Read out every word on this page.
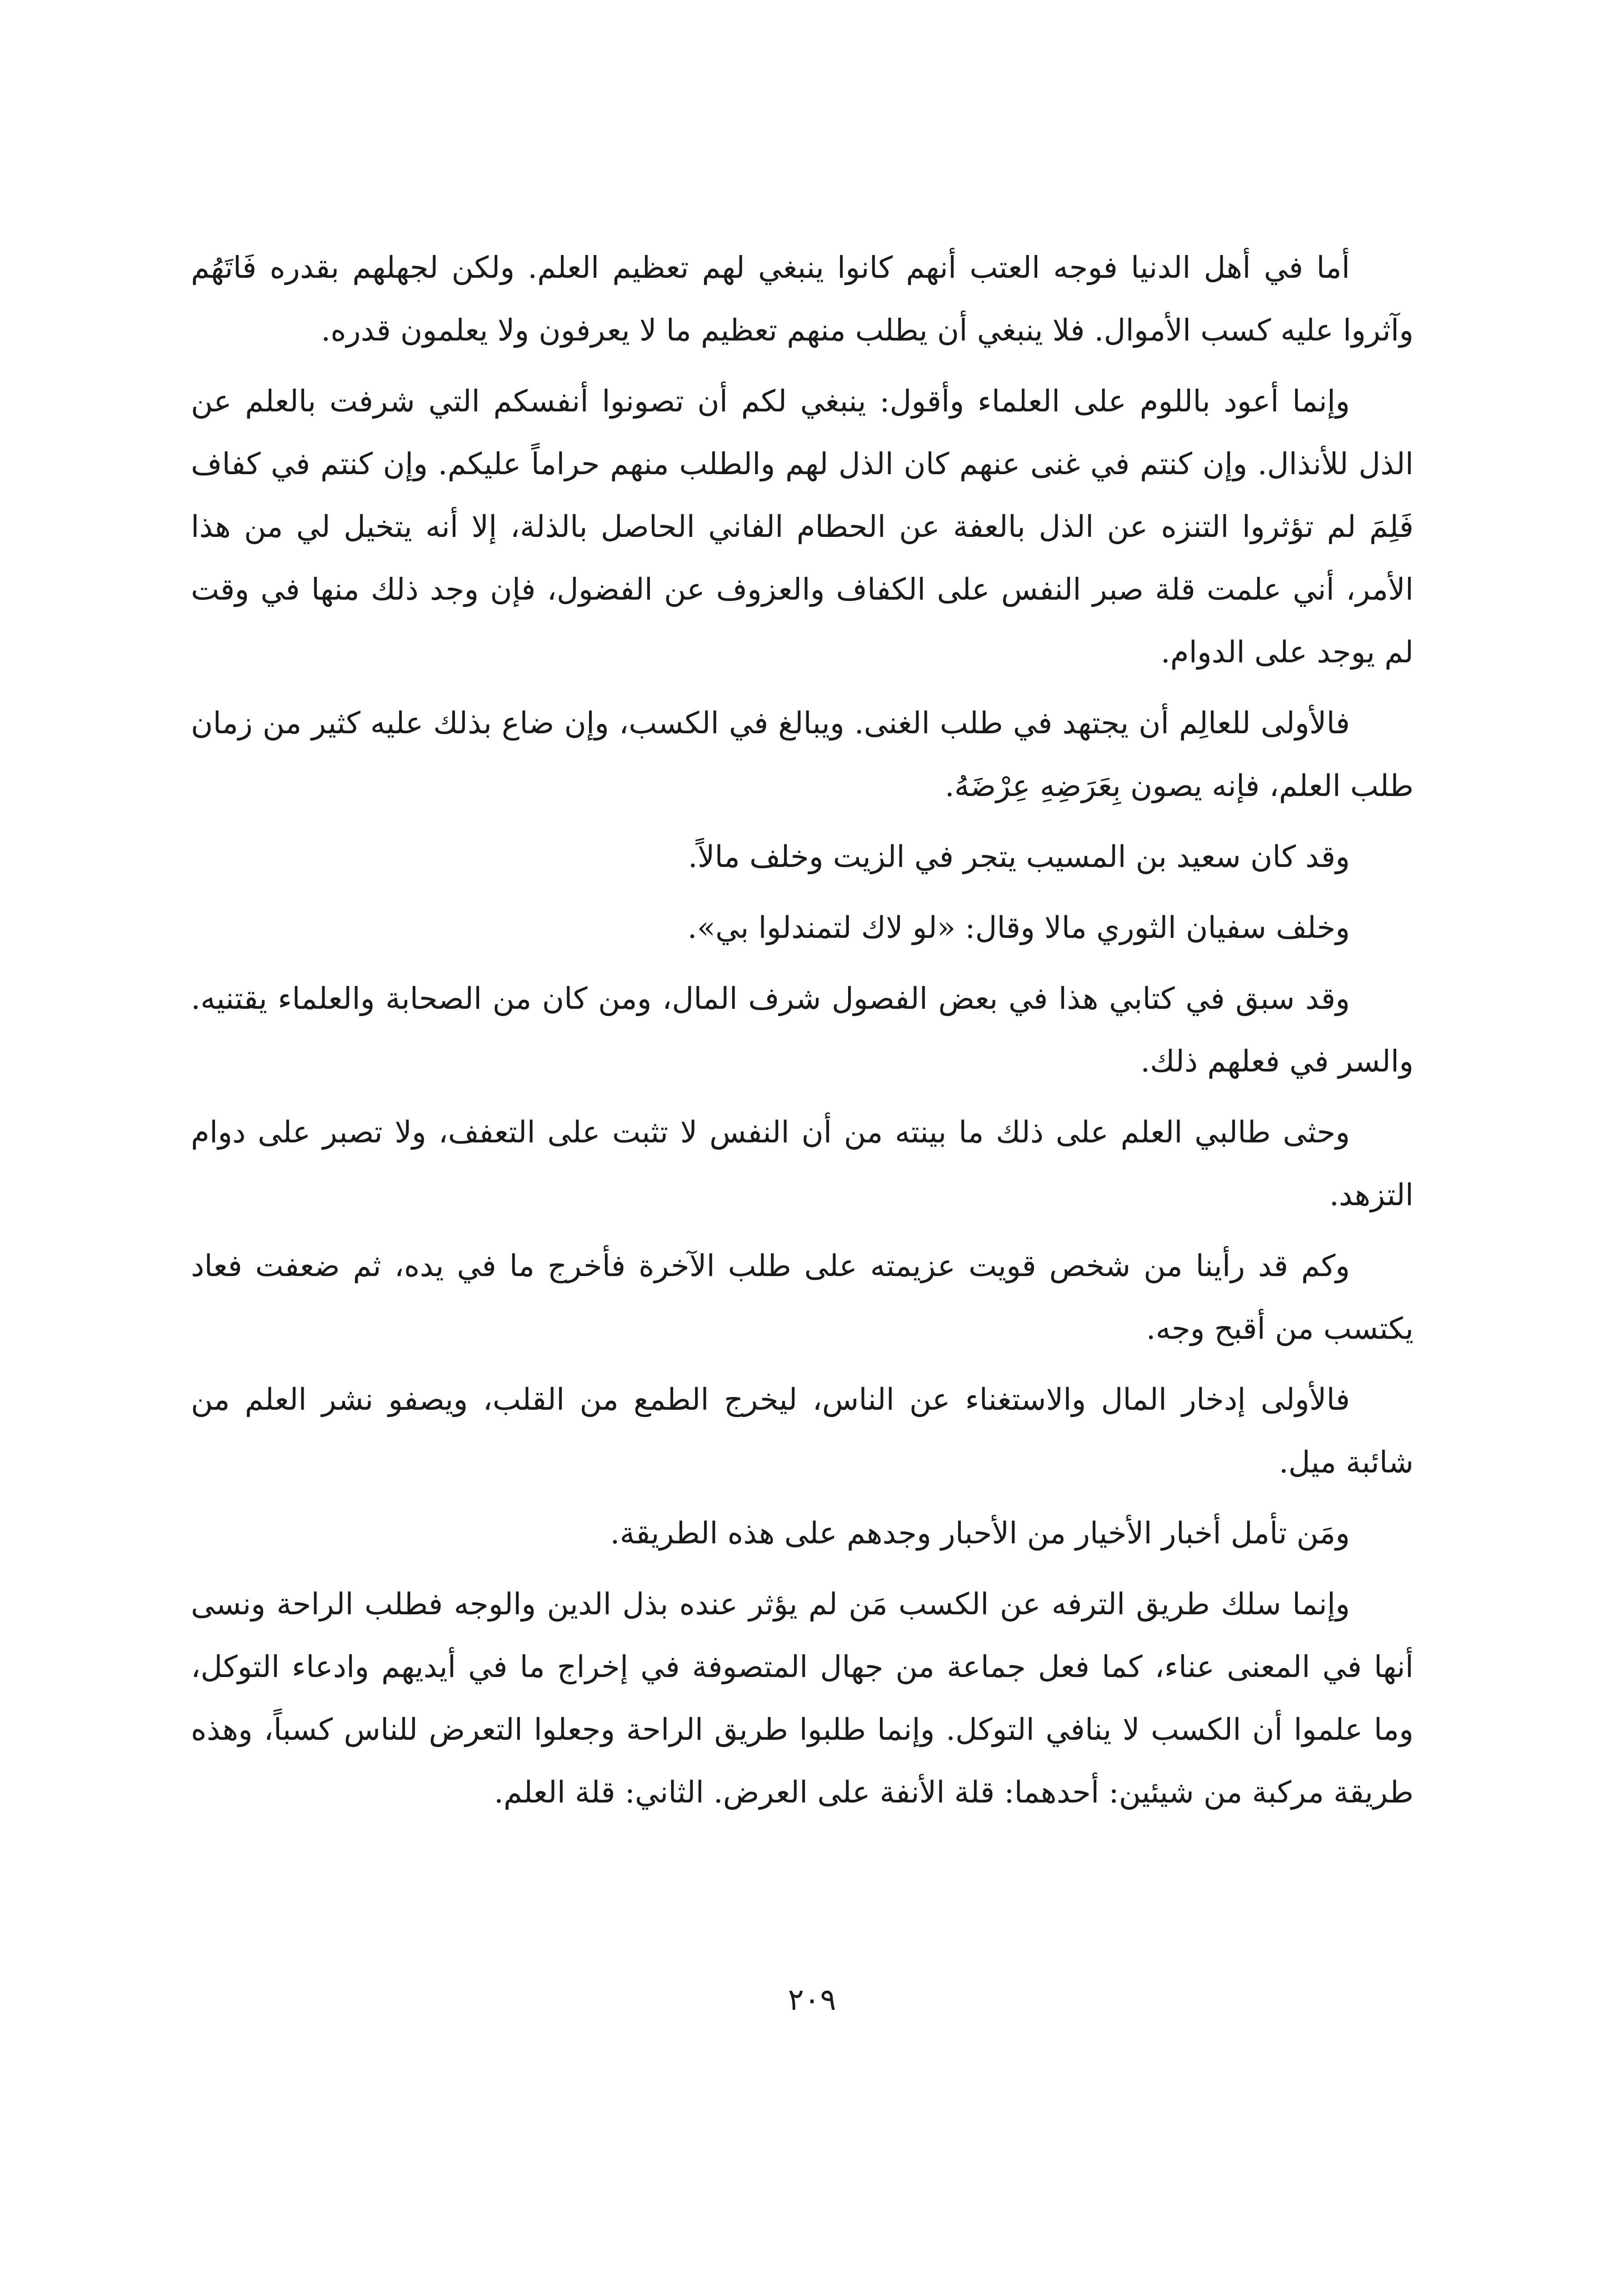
أما في أهل الدنيا فوجه العتب أنهم كانوا ينبغي لهم تعظيم العلم. ولكن لجهلهم بقدره فَاتَهُم وآثروا عليه كسب الأموال. فلا ينبغي أن يطلب منهم تعظيم ما لا يعرفون ولا يعلمون قدره.

وإنما أعود باللوم على العلماء وأقول: ينبغي لكم أن تصونوا أنفسكم التي شرفت بالعلم عن الذل للأنذال. وإن كنتم في غنى عنهم كان الذل لهم والطلب منهم حراماً عليكم. وإن كنتم في كفاف فَلِمَ لم تؤثروا التنزه عن الذل بالعفة عن الحطام الفاني الحاصل بالذلة، إلا أنه يتخيل لي من هذا الأمر، أني علمت قلة صبر النفس على الكفاف والعزوف عن الفضول، فإن وجد ذلك منها في وقت لم يوجد على الدوام.

فالأولى للعالِم أن يجتهد في طلب الغنى. ويبالغ في الكسب، وإن ضاع بذلك عليه كثير من زمان طلب العلم، فإنه يصون بِعَرَضِهِ عِرْضَهُ.

وقد كان سعيد بن المسيب يتجر في الزيت وخلف مالاً.

وخلف سفيان الثوري مالا وقال: «لو لاك لتمندلوا بي».

وقد سبق في كتابي هذا في بعض الفصول شرف المال، ومن كان من الصحابة والعلماء يقتنيه. والسر في فعلهم ذلك.

وحثى طالبي العلم على ذلك ما بينته من أن النفس لا تثبت على التعفف، ولا تصبر على دوام التزهد.

وكم قد رأينا من شخص قويت عزيمته على طلب الآخرة فأخرج ما في يده، ثم ضعفت فعاد يكتسب من أقبح وجه.

فالأولى إدخار المال والاستغناء عن الناس، ليخرج الطمع من القلب، ويصفو نشر العلم من شائبة ميل.

ومَن تأمل أخبار الأخيار من الأحبار وجدهم على هذه الطريقة.

وإنما سلك طريق الترفه عن الكسب مَن لم يؤثر عنده بذل الدين والوجه فطلب الراحة ونسى أنها في المعنى عناء، كما فعل جماعة من جهال المتصوفة في إخراج ما في أيديهم وادعاء التوكل، وما علموا أن الكسب لا ينافي التوكل. وإنما طلبوا طريق الراحة وجعلوا التعرض للناس كسباً، وهذه طريقة مركبة من شيئين: أحدهما: قلة الأنفة على العرض. الثاني: قلة العلم.

٢٠٩
